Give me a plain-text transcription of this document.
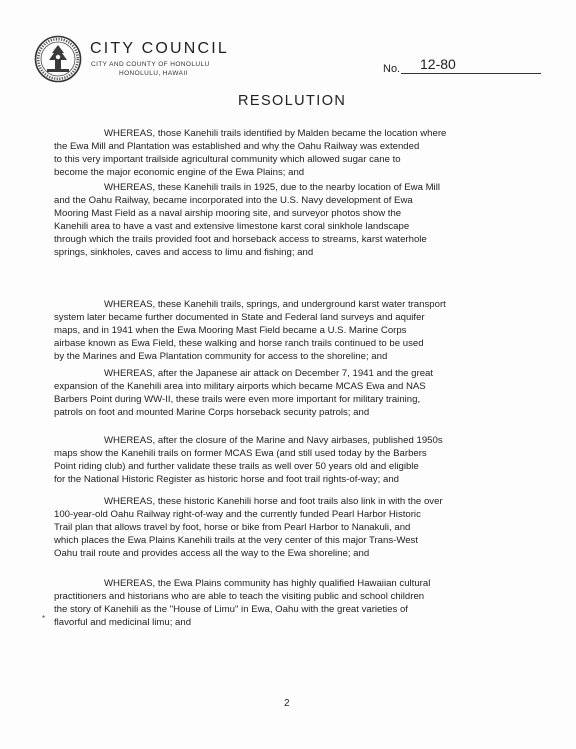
CITY COUNCIL
CITY AND COUNTY OF HONOLULU
HONOLULU, HAWAII	No. 12-80
RESOLUTION

WHEREAS, those Kanehili trails identified by Malden became the location where
the Ewa Mill and Plantation was established and why the Oahu Railway was extended
to this very important trailside agricultural community which allowed sugar cane to
become the major economic engine of the Ewa Plains; and

WHEREAS, these Kanehili trails in 1925, due to the nearby location of Ewa Mill
and the Oahu Railway, became incorporated into the U.S. Navy development of Ewa
Mooring Mast Field as a naval airship mooring site, and surveyor photos show the
Kanehili area to have a vast and extensive limestone karst coral sinkhole landscape
through which the trails provided foot and horseback access to streams, karst waterhole
springs, sinkholes, caves and access to limu and fishing; and

WHEREAS, these Kanehili trails, springs, and underground karst water transport
system later became further documented in State and Federal land surveys and aquifer
maps, and in 1941 when the Ewa Mooring Mast Field became a U.S. Marine Corps
airbase known as Ewa Field, these walking and horse ranch trails continued to be used
by the Marines and Ewa Plantation community for access to the shoreline; and

WHEREAS, after the Japanese air attack on December 7, 1941 and the great
expansion of the Kanehili area into military airports which became MCAS Ewa and NAS
Barbers Point during WW-II, these trails were even more important for military training,
patrols on foot and mounted Marine Corps horseback security patrols; and

WHEREAS, after the closure of the Marine and Navy airbases, published 1950s
maps show the Kanehili trails on former MCAS Ewa (and still used today by the Barbers
Point riding club) and further validate these trails as well over 50 years old and eligible
for the National Historic Register as historic horse and foot trail rights-of-way; and

WHEREAS, these historic Kanehili horse and foot trails also link in with the over
100-year-old Oahu Railway right-of-way and the currently funded Pearl Harbor Historic
Trail plan that allows travel by foot, horse or bike from Pearl Harbor to Nanakuli, and
which places the Ewa Plains Kanehili trails at the very center of this major Trans-West
Oahu trail route and provides access all the way to the Ewa shoreline; and

WHEREAS, the Ewa Plains community has highly qualified Hawaiian cultural
practitioners and historians who are able to teach the visiting public and school children
the story of Kanehili as the "House of Limu" in Ewa, Oahu with the great varieties of
flavorful and medicinal limu; and

*
2
